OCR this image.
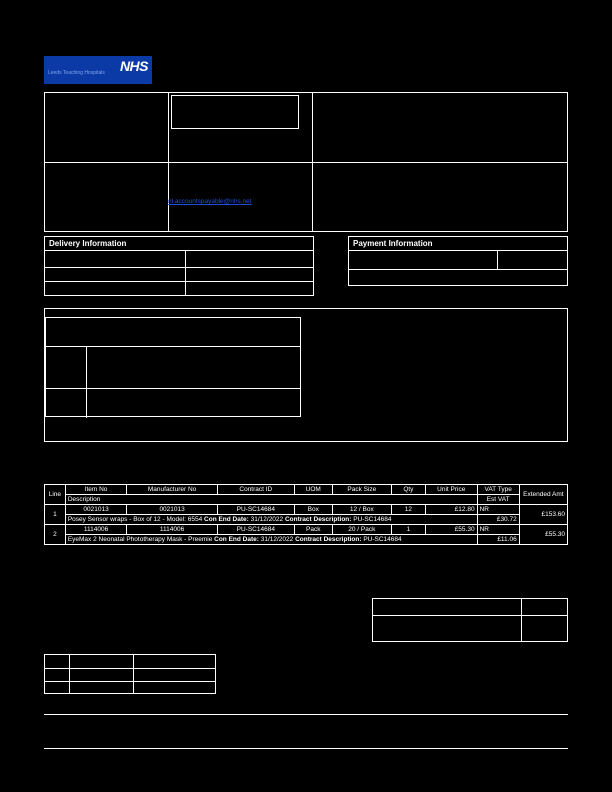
NHS
Leeds Teaching Hospitals
nl.accountspayable@nhs.net
Delivery Information	Payment Information
Line	Item No	Manufacturer No	Contract ID	UOM	Pack Size	Qty	Unit Price	VAT Type	Extended Amt
	Description							Est VAT	
1	0021013	0021013	PU-SC14684	Box	12 / Box	12	£12.80	NR	£153.60
	Posey Sensor wraps - Box of 12 - Model: 6554 Con End Date: 31/12/2022 Contract Description: PU-SC14684							£30.72	
2	1114006	1114006	PU-SC14684	Pack	20 / Pack	1	£55.30	NR	£55.30
	EyeMax 2 Neonatal Phototherapy Mask - Preemie Con End Date: 31/12/2022 Contract Description: PU-SC14684							£11.06	
